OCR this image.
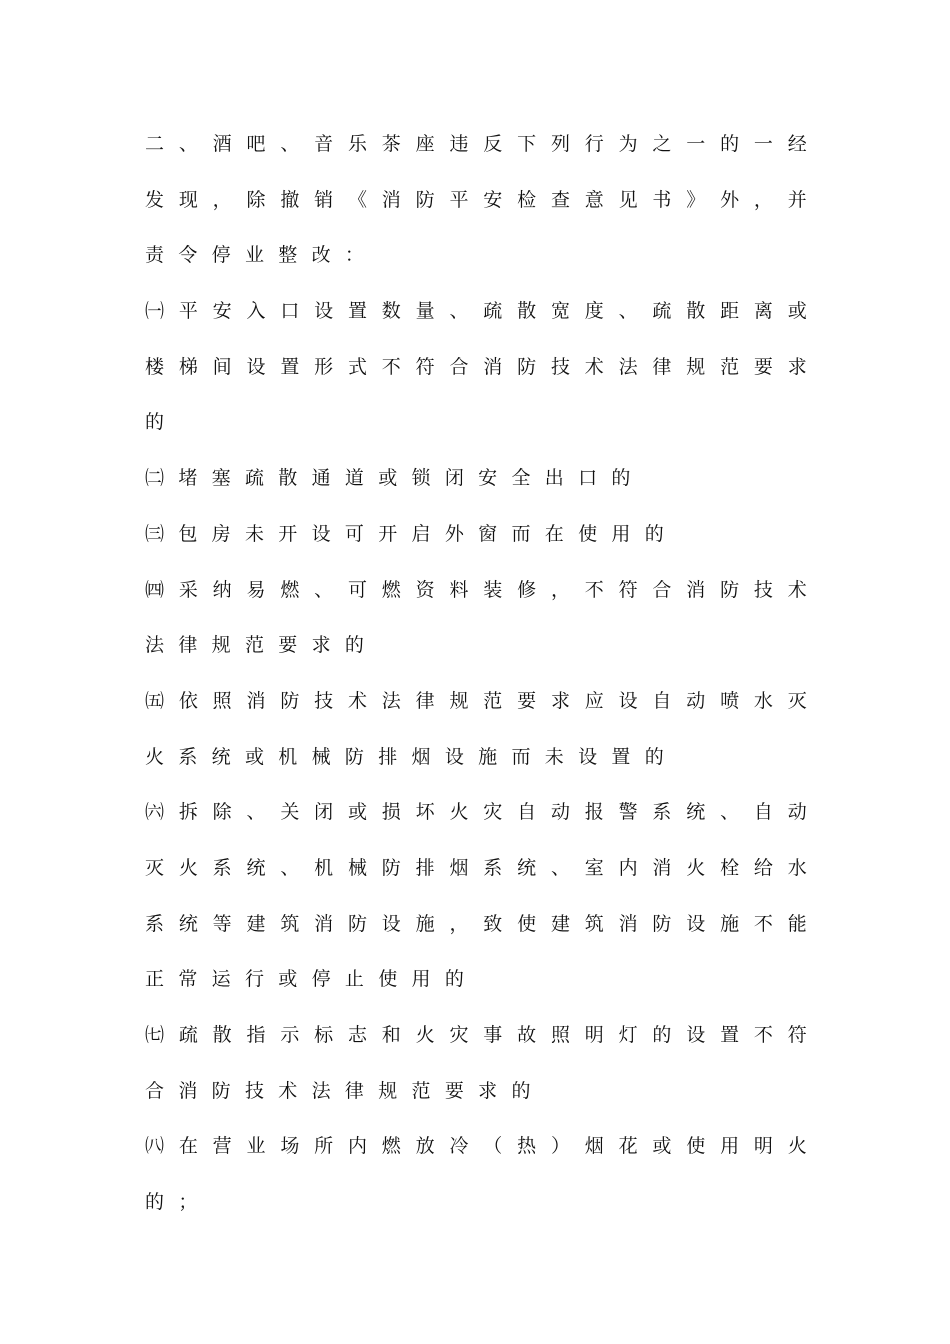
二 、 酒 吧 、 音 乐 茶 座 违 反 下 列 行 为 之 一 的 一 经
发 现 ， 除 撤 销 《 消 防 平 安 检 查 意 见 书 》 外 ， 并
责 令 停 业 整 改 ：
㈠ 平 安 入 口 设 置 数 量 、 疏 散 宽 度 、 疏 散 距 离 或
楼 梯 间 设 置 形 式 不 符 合 消 防 技 术 法 律 规 范 要 求
的
㈡ 堵 塞 疏 散 通 道 或 锁 闭 安 全 出 口 的
㈢ 包 房 未 开 设 可 开 启 外 窗 而 在 使 用 的
㈣ 采 纳 易 燃 、 可 燃 资 料 装 修 ， 不 符 合 消 防 技 术
法 律 规 范 要 求 的
㈤ 依 照 消 防 技 术 法 律 规 范 要 求 应 设 自 动 喷 水 灭
火 系 统 或 机 械 防 排 烟 设 施 而 未 设 置 的
㈥ 拆 除 、 关 闭 或 损 坏 火 灾 自 动 报 警 系 统 、 自 动
灭 火 系 统 、 机 械 防 排 烟 系 统 、 室 内 消 火 栓 给 水
系 统 等 建 筑 消 防 设 施 ， 致 使 建 筑 消 防 设 施 不 能
正 常 运 行 或 停 止 使 用 的
㈦ 疏 散 指 示 标 志 和 火 灾 事 故 照 明 灯 的 设 置 不 符
合 消 防 技 术 法 律 规 范 要 求 的
㈧ 在 营 业 场 所 内 燃 放 冷 （ 热 ） 烟 花 或 使 用 明 火
的 ；
